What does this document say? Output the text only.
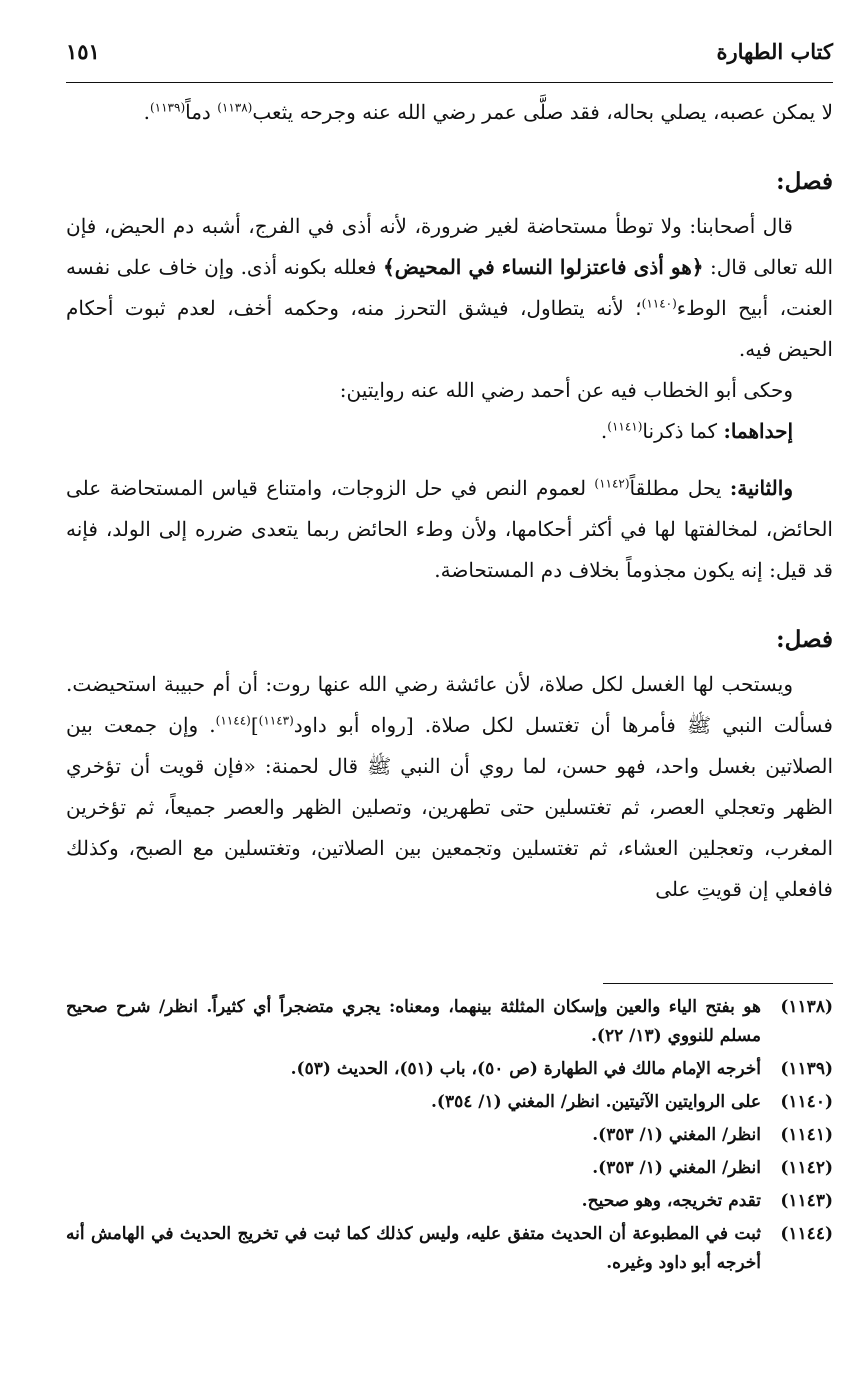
كتاب الطهارة
١٥١

لا يمكن عصبه، يصلي بحاله، فقد صلَّى عمر رضي الله عنه وجرحه يثعب$^{(١١٣٨)}$ دماً$^{(١١٣٩)}$.

فصل:

قال أصحابنا: ولا توطأ مستحاضة لغير ضرورة، لأنه أذى في الفرج، أشبه دم الحيض، فإن الله تعالى قال: ﴿هو أذى فاعتزلوا النساء في المحيض﴾ فعلله بكونه أذى. وإن خاف على نفسه العنت، أبيح الوطء$^{(١١٤٠)}$؛ لأنه يتطاول، فيشق التحرز منه، وحكمه أخف، لعدم ثبوت أحكام الحيض فيه.

وحكى أبو الخطاب فيه عن أحمد رضي الله عنه روايتين:

إحداهما: كما ذكرنا$^{(١١٤١)}$.

والثانية: يحل مطلقاً$^{(١١٤٢)}$ لعموم النص في حل الزوجات، وامتناع قياس المستحاضة على الحائض، لمخالفتها لها في أكثر أحكامها، ولأن وطء الحائض ربما يتعدى ضرره إلى الولد، فإنه قد قيل: إنه يكون مجذوماً بخلاف دم المستحاضة.

فصل:

ويستحب لها الغسل لكل صلاة، لأن عائشة رضي الله عنها روت: أن أم حبيبة استحيضت. فسألت النبي ﷺ فأمرها أن تغتسل لكل صلاة. [رواه أبو داود$^{(١١٤٣)}$]$^{(١١٤٤)}$. وإن جمعت بين الصلاتين بغسل واحد، فهو حسن، لما روي أن النبي ﷺ قال لحمنة: «فإن قويت أن تؤخري الظهر وتعجلي العصر، ثم تغتسلين حتى تطهرين، وتصلين الظهر والعصر جميعاً، ثم تؤخرين المغرب، وتعجلين العشاء، ثم تغتسلين وتجمعين بين الصلاتين، وتغتسلين مع الصبح، وكذلك فافعلي إن قويتِ على

(١١٣٨)
هو بفتح الياء والعين وإسكان المثلثة بينهما، ومعناه: يجري متضجراً أي كثيراً. انظر/ شرح صحيح مسلم للنووي (١٣/ ٢٢).
(١١٣٩)
أخرجه الإمام مالك في الطهارة (ص ٥٠)، باب (٥١)، الحديث (٥٣).
(١١٤٠)
على الروايتين الآتيتين. انظر/ المغني (١/ ٣٥٤).
(١١٤١)
انظر/ المغني (١/ ٣٥٣).
(١١٤٢)
انظر/ المغني (١/ ٣٥٣).
(١١٤٣)
تقدم تخريجه، وهو صحيح.
(١١٤٤)
ثبت في المطبوعة أن الحديث متفق عليه، وليس كذلك كما ثبت في تخريج الحديث في الهامش أنه أخرجه أبو داود وغيره.
